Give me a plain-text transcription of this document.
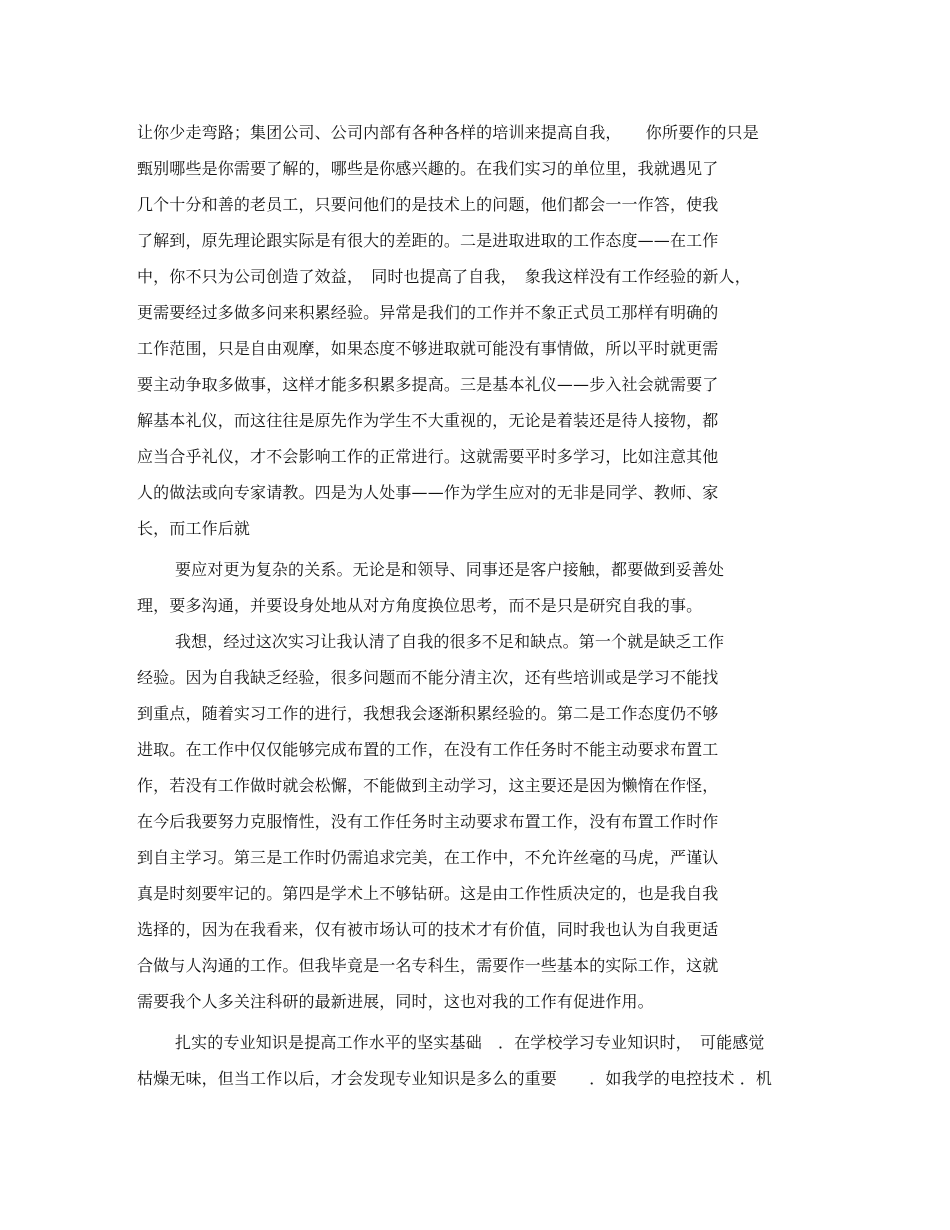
让你少走弯路；集团公司、公司内部有各种各样的培训来提高自我，　　你所要作的只是
甄别哪些是你需要了解的，哪些是你感兴趣的。在我们实习的单位里，我就遇见了
几个十分和善的老员工，只要问他们的是技术上的问题，他们都会一一作答，使我
了解到，原先理论跟实际是有很大的差距的。二是进取进取的工作态度——在工作
中，你不只为公司创造了效益，　同时也提高了自我，　象我这样没有工作经验的新人，
更需要经过多做多问来积累经验。异常是我们的工作并不象正式员工那样有明确的
工作范围，只是自由观摩，如果态度不够进取就可能没有事情做，所以平时就更需
要主动争取多做事，这样才能多积累多提高。三是基本礼仪——步入社会就需要了
解基本礼仪，而这往往是原先作为学生不大重视的，无论是着装还是待人接物，都
应当合乎礼仪，才不会影响工作的正常进行。这就需要平时多学习，比如注意其他
人的做法或向专家请教。四是为人处事——作为学生应对的无非是同学、教师、家
长，而工作后就
要应对更为复杂的关系。无论是和领导、同事还是客户接触，都要做到妥善处
理，要多沟通，并要设身处地从对方角度换位思考，而不是只是研究自我的事。
我想，经过这次实习让我认清了自我的很多不足和缺点。第一个就是缺乏工作
经验。因为自我缺乏经验，很多问题而不能分清主次，还有些培训或是学习不能找
到重点，随着实习工作的进行，我想我会逐渐积累经验的。第二是工作态度仍不够
进取。在工作中仅仅能够完成布置的工作，在没有工作任务时不能主动要求布置工
作，若没有工作做时就会松懈，不能做到主动学习，这主要还是因为懒惰在作怪，
在今后我要努力克服惰性，没有工作任务时主动要求布置工作，没有布置工作时作
到自主学习。第三是工作时仍需追求完美，在工作中，不允许丝毫的马虎，严谨认
真是时刻要牢记的。第四是学术上不够钻研。这是由工作性质决定的，也是我自我
选择的，因为在我看来，仅有被市场认可的技术才有价值，同时我也认为自我更适
合做与人沟通的工作。但我毕竟是一名专科生，需要作一些基本的实际工作，这就
需要我个人多关注科研的最新进展，同时，这也对我的工作有促进作用。
扎实的专业知识是提高工作水平的坚实基础　．在学校学习专业知识时，　可能感觉
枯燥无味，但当工作以后，才会发现专业知识是多么的重要　　．如我学的电控技术 ．机
